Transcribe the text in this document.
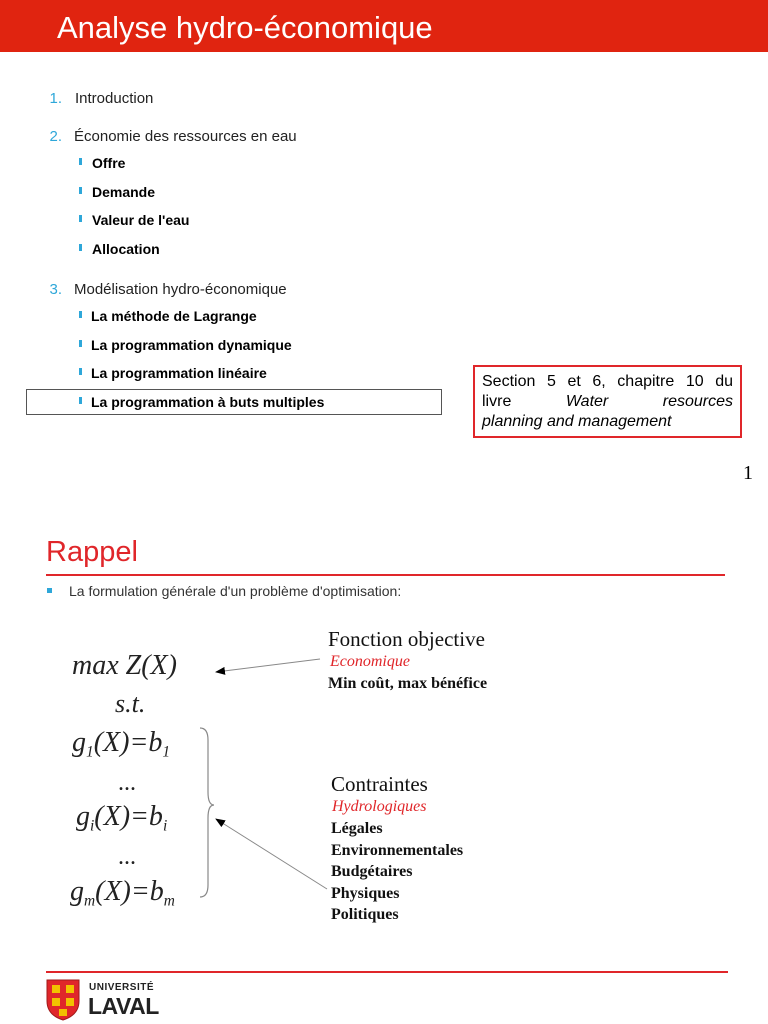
Analyse hydro-économique
1. Introduction
2. Économie des ressources en eau
Offre
Demande
Valeur de l'eau
Allocation
3. Modélisation hydro-économique
La méthode de Lagrange
La programmation dynamique
La programmation linéaire
La programmation à buts multiples
Section 5 et 6, chapitre 10 du
livre	Water resources
planning and management
1
Rappel
La formulation générale d'un problème d'optimisation:
max Z(X)
s.t.
$g_1(X)=b_1$
...
$g_i(X)=b_i$
...
$g_m(X)=b_m$
Fonction objective
Economique
Min coût, max bénéfice
Contraintes
Hydrologiques
Légales
Environnementales
Budgétaires
Physiques
Politiques
UNIVERSITÉ
LAVAL
